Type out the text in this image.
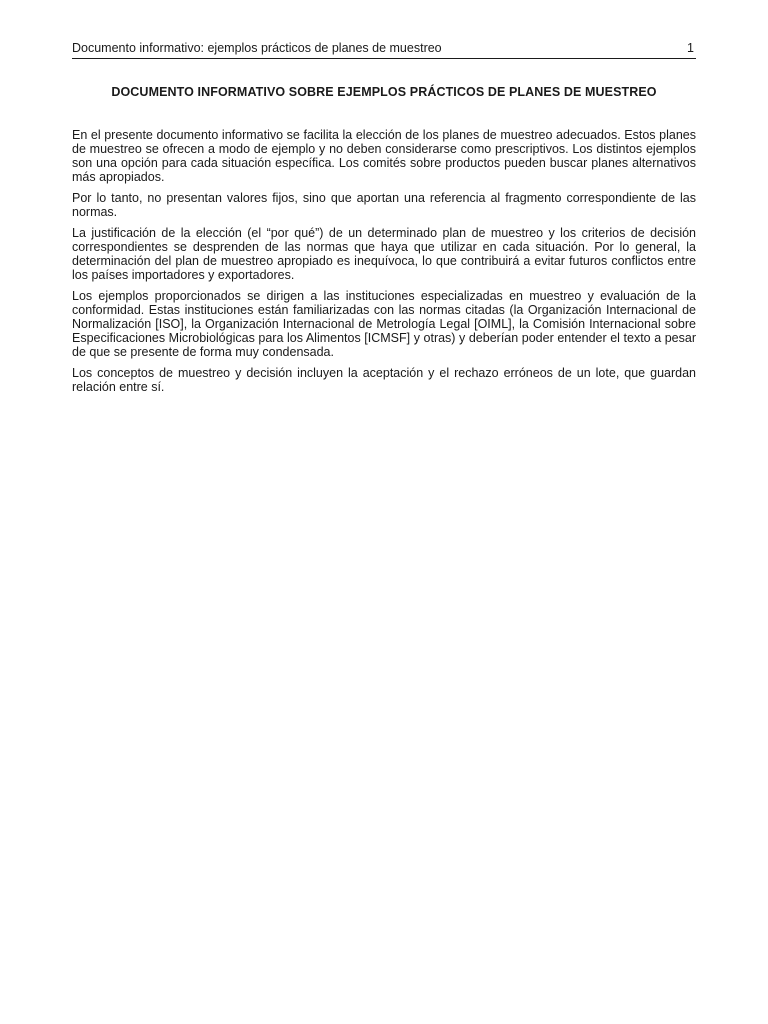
Documento informativo: ejemplos prácticos de planes de muestreo	1
DOCUMENTO INFORMATIVO SOBRE EJEMPLOS PRÁCTICOS DE PLANES DE MUESTREO

En el presente documento informativo se facilita la elección de los planes de muestreo adecuados. Estos planes de muestreo se ofrecen a modo de ejemplo y no deben considerarse como prescriptivos. Los distintos ejemplos son una opción para cada situación específica. Los comités sobre productos pueden buscar planes alternativos más apropiados.

Por lo tanto, no presentan valores fijos, sino que aportan una referencia al fragmento correspondiente de las normas.

La justificación de la elección (el “por qué”) de un determinado plan de muestreo y los criterios de decisión correspondientes se desprenden de las normas que haya que utilizar en cada situación. Por lo general, la determinación del plan de muestreo apropiado es inequívoca, lo que contribuirá a evitar futuros conflictos entre los países importadores y exportadores.

Los ejemplos proporcionados se dirigen a las instituciones especializadas en muestreo y evaluación de la conformidad. Estas instituciones están familiarizadas con las normas citadas (la Organización Internacional de Normalización [ISO], la Organización Internacional de Metrología Legal [OIML], la Comisión Internacional sobre Especificaciones Microbiológicas para los Alimentos [ICMSF] y otras) y deberían poder entender el texto a pesar de que se presente de forma muy condensada.

Los conceptos de muestreo y decisión incluyen la aceptación y el rechazo erróneos de un lote, que guardan relación entre sí.
